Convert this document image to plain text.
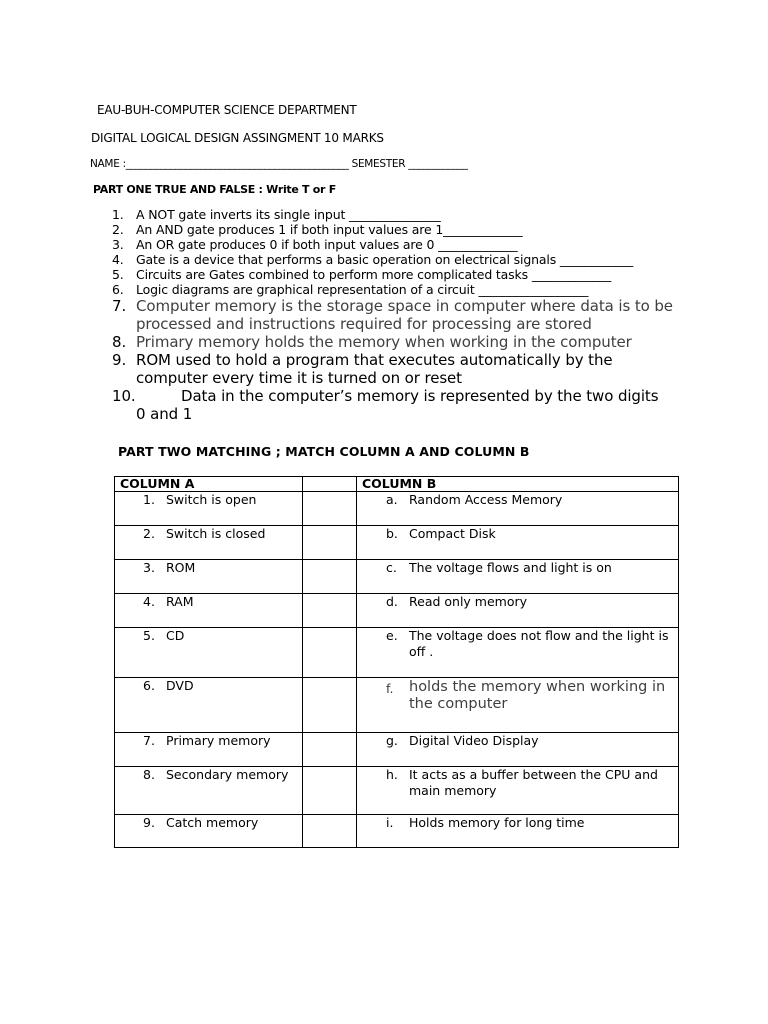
EAU-BUH-COMPUTER SCIENCE DEPARTMENT
DIGITAL LOGICAL DESIGN ASSINGMENT 10 MARKS
NAME :_____________________________________________ SEMESTER ____________
PART ONE TRUE AND FALSE : Write T or F
1. A NOT gate inverts its single input _______________
2. An AND gate produces 1 if both input values are 1_____________
3. An OR gate produces 0 if both input values are 0 _____________
4. Gate is a device that performs a basic operation on electrical signals ____________
5. Circuits are Gates combined to perform more complicated tasks _____________
6. Logic diagrams are graphical representation of a circuit __________________
7. Computer memory is the storage space in computer where data is to be processed and instructions required for processing are stored
8. Primary memory holds the memory when working in the computer
9. ROM used to hold a program that executes automatically by the computer every time it is turned on or reset
10.	Data in the computer’s memory is represented by the two digits
0 and 1
PART TWO MATCHING ; MATCH COLUMN A AND COLUMN B
COLUMN A		COLUMN B

1. Switch is open		a. Random Access Memory

2. Switch is closed		b. Compact Disk

3. ROM		c. The voltage flows and light is on

4. RAM		d. Read only memory

5. CD		e. The voltage does not flow and the light is off .

6. DVD		f. holds the memory when working in the computer

7. Primary memory		g. Digital Video Display

8. Secondary memory		h. It acts as a buffer between the CPU and main memory

9. Catch memory		i. Holds memory for long time
